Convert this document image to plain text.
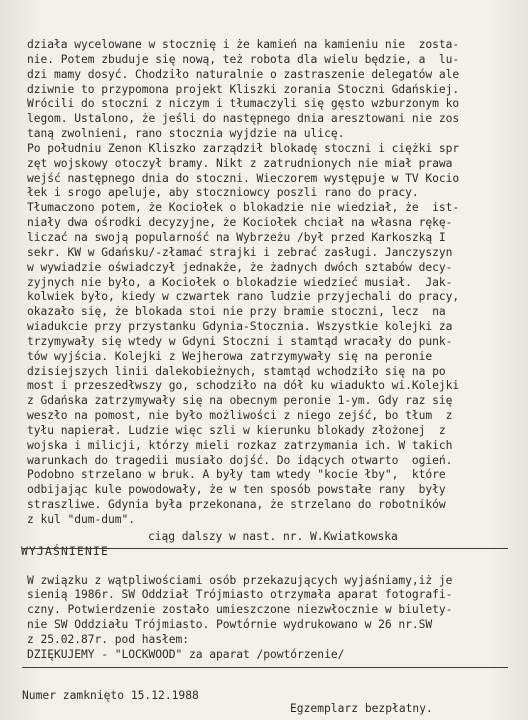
działa wycelowane w stocznię i że kamień na kamieniu nie  zosta-
nie. Potem zbuduje się nową, też robota dla wielu będzie, a  lu-
dzi mamy dosyć. Chodziło naturalnie o zastraszenie delegatów ale
dziwnie to przypomona projekt Kliszki zorania Stoczni Gdańskiej.
Wrócili do stoczni z niczym i tłumaczyli się gęsto wzburzonym ko
legom. Ustalono, że jeśli do następnego dnia aresztowani nie zos
taną zwolnieni, rano stocznia wyjdzie na ulicę.
Po południu Zenon Kliszko zarządził blokadę stoczni i ciężki spr
zęt wojskowy otoczył bramy. Nikt z zatrudnionych nie miał prawa
wejść następnego dnia do stoczni. Wieczorem występuje w TV Kocio
łek i srogo apeluje, aby stoczniowcy poszli rano do pracy.
Tłumaczono potem, że Kociołek o blokadzie nie wiedział, że  ist-
niały dwa ośrodki decyzyjne, że Kociołek chciał na własna rękę-
liczać na swoją popularność na Wybrzeżu /był przed Karkoszką I
sekr. KW w Gdańsku/-złamać strajki i zebrać zasługi. Janczyszyn
w wywiadzie oświadczył jednakże, że żadnych dwóch sztabów decy-
zyjnych nie było, a Kociołek o blokadzie wiedzieć musiał.  Jak-
kolwiek było, kiedy w czwartek rano ludzie przyjechali do pracy,
okazało się, że blokada stoi nie przy bramie stoczni, lecz  na
wiadukcie przy przystanku Gdynia-Stocznia. Wszystkie kolejki za
trzymywały się wtedy w Gdyni Stoczni i stamtąd wracały do punk-
tów wyjścia. Kolejki z Wejherowa zatrzymywały się na peronie
dzisiejszych linii dalekobieżnych, stamtąd wchodziło się na po
most i przeszedłwszy go, schodziło na dół ku wiadukto wi.Kolejki
z Gdańska zatrzymywały się na obecnym peronie 1-ym. Gdy raz się
weszło na pomost, nie było możliwości z niego zejść, bo tłum  z
tyłu napierał. Ludzie więc szli w kierunku blokady złożonej  z
wojska i milicji, którzy mieli rozkaz zatrzymania ich. W takich
warunkach do tragedii musiało dojść. Do idących otwarto  ogień.
Podobno strzelano w bruk. A były tam wtedy "kocie łby",  które
odbijając kule powodowały, że w ten sposób powstałe rany  były
straszliwe. Gdynia była przekonana, że strzelano do robotników
z kul "dum-dum".
ciąg dalszy w nast. nr. W.Kwiatkowska
WYJAŚNIENIE
W związku z wątpliwościami osób przekazujących wyjaśniamy,iż je
sienią 1986r. SW Oddział Trójmiasto otrzymała aparat fotografi-
czny. Potwierdzenie zostało umieszczone niezwłocznie w biulety-
nie SW Oddziału Trójmiasto. Powtórnie wydrukowano w 26 nr.SW
z 25.02.87r. pod hasłem:
DZIĘKUJEMY - "LOCKWOOD" za aparat /powtórzenie/

Numer zamknięto 15.12.1988

Egzemplarz bezpłatny.
